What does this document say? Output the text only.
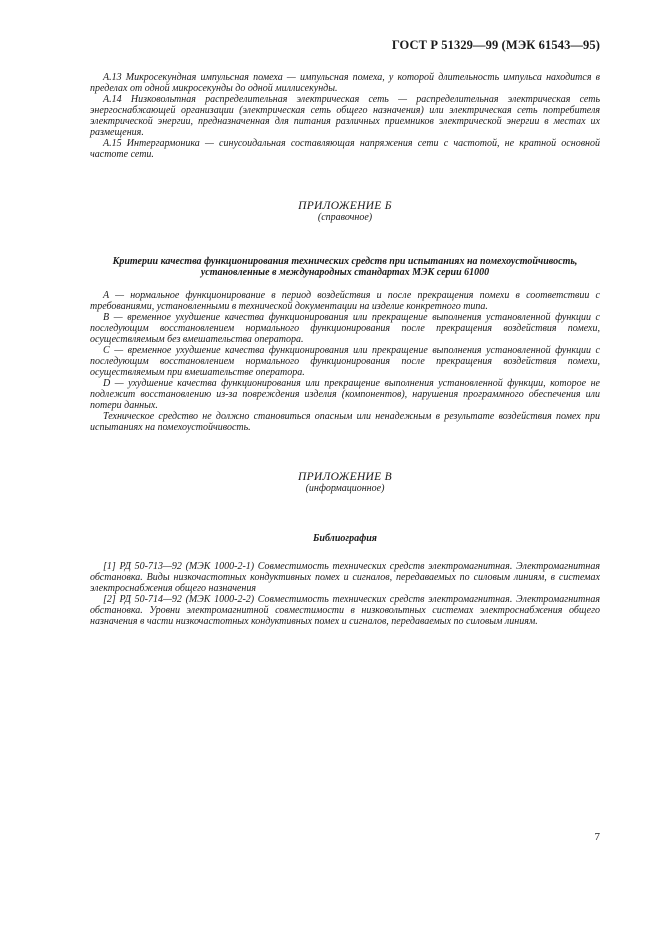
ГОСТ Р 51329—99 (МЭК 61543—95)

A.13 Микросекундная импульсная помеха — импульсная помеха, у которой длительность импульса находится в пределах от одной микросекунды до одной миллисекунды.

A.14 Низковольтная распределительная электрическая сеть — распределительная электрическая сеть энергоснабжающей организации (электрическая сеть общего назначения) или электрическая сеть потребителя электрической энергии, предназначенная для питания различных приемников электрической энергии в местах их размещения.

A.15 Интергармоника — синусоидальная составляющая напряжения сети с частотой, не кратной основной частоте сети.

ПРИЛОЖЕНИЕ Б
(справочное)
Критерии качества функционирования технических средств при испытаниях на помехоустойчивость, установленные в международных стандартах МЭК серии 61000

A — нормальное функционирование в период воздействия и после прекращения помехи в соответствии с требованиями, установленными в технической документации на изделие конкретного типа.

B — временное ухудшение качества функционирования или прекращение выполнения установленной функции с последующим восстановлением нормального функционирования после прекращения воздействия помехи, осуществляемым без вмешательства оператора.

C — временное ухудшение качества функционирования или прекращение выполнения установленной функции с последующим восстановлением нормального функционирования после прекращения воздействия помехи, осуществляемым при вмешательстве оператора.

D — ухудшение качества функционирования или прекращение выполнения установленной функции, которое не подлежит восстановлению из-за повреждения изделия (компонентов), нарушения программного обеспечения или потери данных.

Техническое средство не должно становиться опасным или ненадежным в результате воздействия помех при испытаниях на помехоустойчивость.

ПРИЛОЖЕНИЕ В
(информационное)
Библиография

[1] РД 50-713—92 (МЭК 1000-2-1) Совместимость технических средств электромагнитная. Электромагнитная обстановка. Виды низкочастотных кондуктивных помех и сигналов, передаваемых по силовым линиям, в системах электроснабжения общего назначения

[2] РД 50-714—92 (МЭК 1000-2-2) Совместимость технических средств электромагнитная. Электромагнитная обстановка. Уровни электромагнитной совместимости в низковольтных системах электроснабжения общего назначения в части низкочастотных кондуктивных помех и сигналов, передаваемых по силовым линиям.

7
